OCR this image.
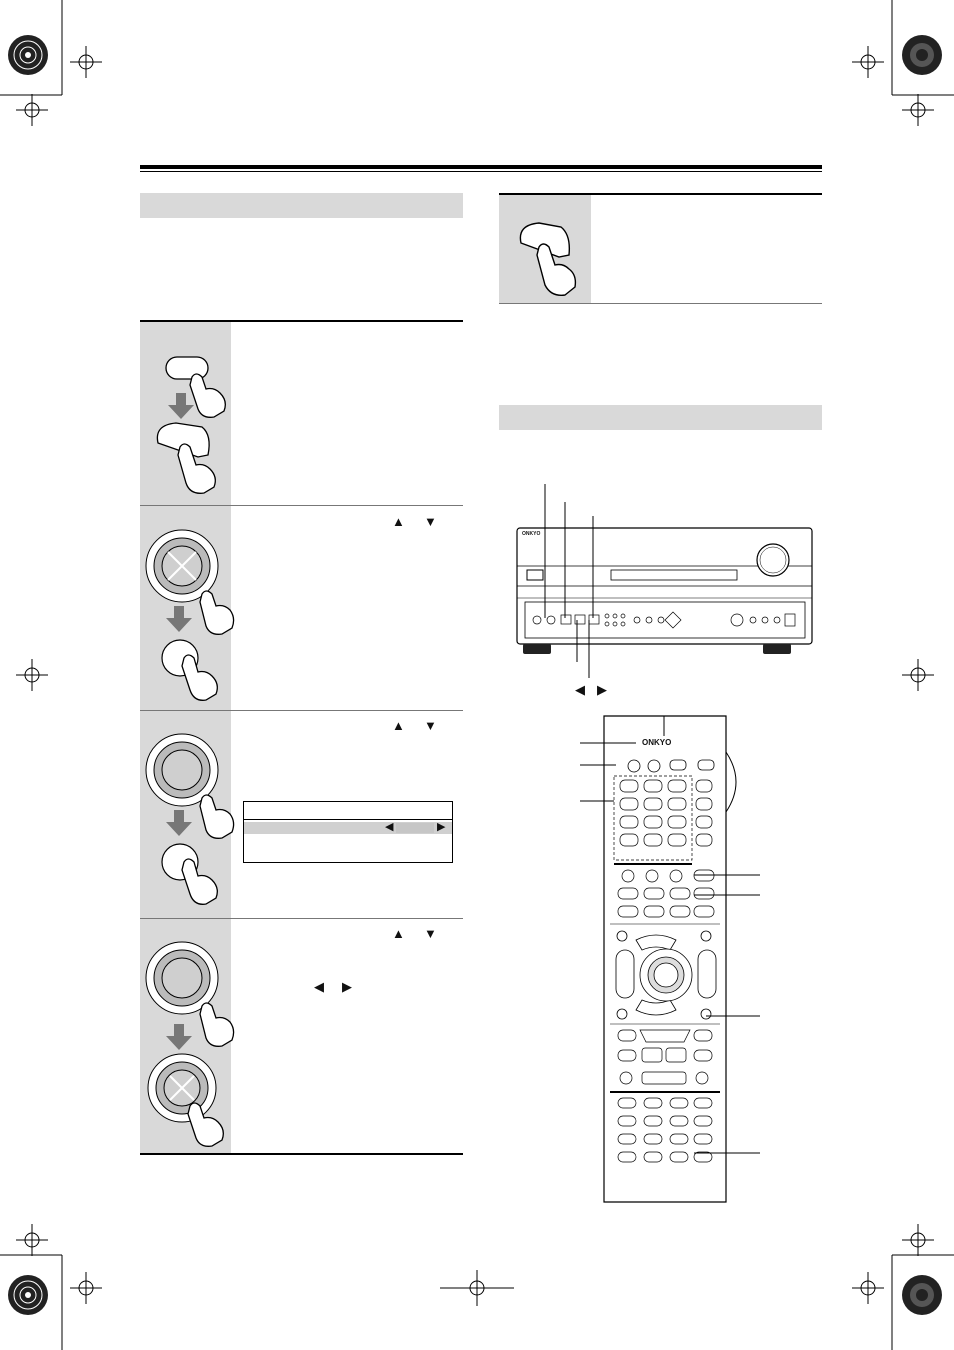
▲ ▼
▲ ▼
◀	▶
▲ ▼
◀ ▶
ONKYO
◀ ▶
ONKYO
